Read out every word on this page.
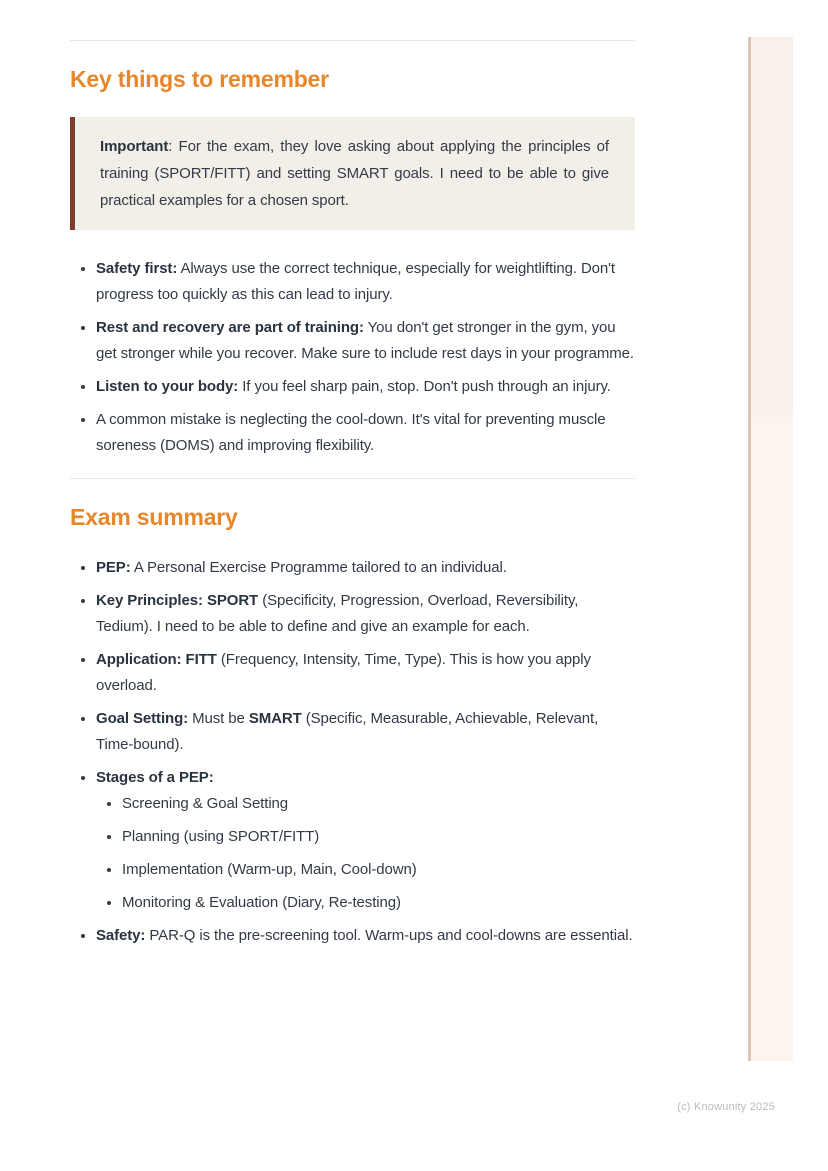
Key things to remember

Important: For the exam, they love asking about applying the principles of training (SPORT/FITT) and setting SMART goals. I need to be able to give practical examples for a chosen sport.

• Safety first: Always use the correct technique, especially for weightlifting. Don't progress too quickly as this can lead to injury.
• Rest and recovery are part of training: You don't get stronger in the gym, you get stronger while you recover. Make sure to include rest days in your programme.
• Listen to your body: If you feel sharp pain, stop. Don't push through an injury.
• A common mistake is neglecting the cool-down. It's vital for preventing muscle soreness (DOMS) and improving flexibility.
Exam summary
• PEP: A Personal Exercise Programme tailored to an individual.
• Key Principles: SPORT (Specificity, Progression, Overload, Reversibility, Tedium). I need to be able to define and give an example for each.
• Application: FITT (Frequency, Intensity, Time, Type). This is how you apply overload.
• Goal Setting: Must be SMART (Specific, Measurable, Achievable, Relevant, Time-bound).
• Stages of a PEP:
• Screening & Goal Setting
• Planning (using SPORT/FITT)
• Implementation (Warm-up, Main, Cool-down)
• Monitoring & Evaluation (Diary, Re-testing)
• Safety: PAR-Q is the pre-screening tool. Warm-ups and cool-downs are essential.
(c) Knowunity 2025
